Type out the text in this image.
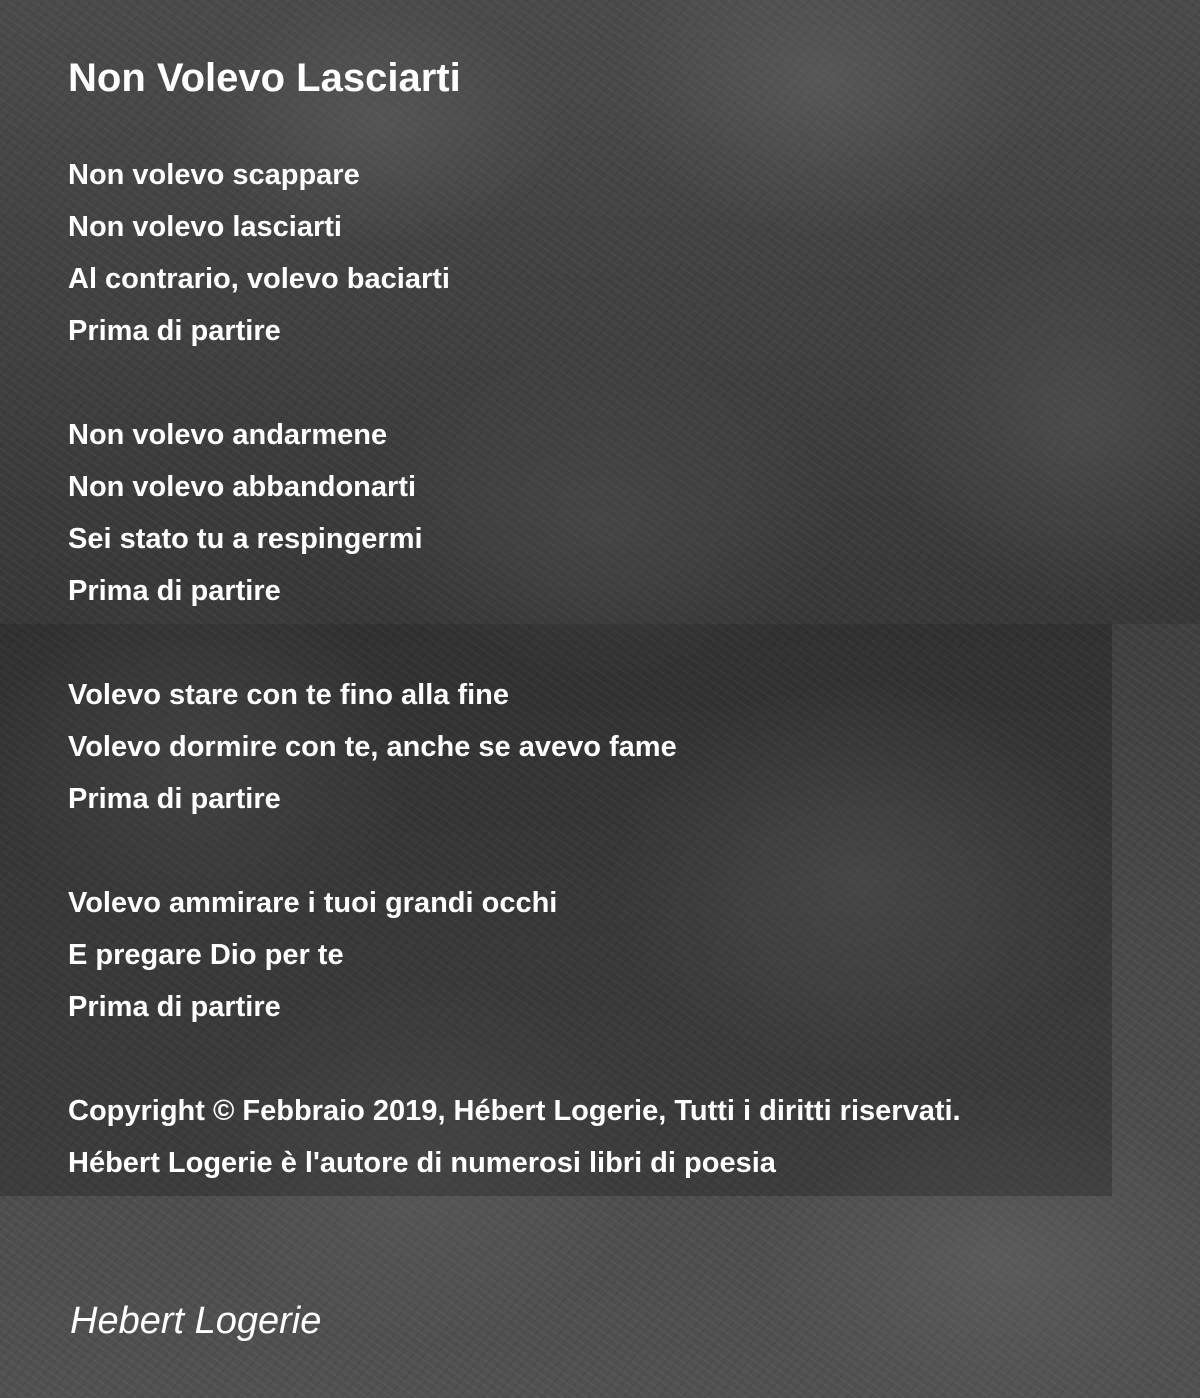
Non Volevo Lasciarti
Non volevo scappare
Non volevo lasciarti
Al contrario, volevo baciarti
Prima di partire
Non volevo andarmene
Non volevo abbandonarti
Sei stato tu a respingermi
Prima di partire
Volevo stare con te fino alla fine
Volevo dormire con te, anche se avevo fame
Prima di partire
Volevo ammirare i tuoi grandi occhi
E pregare Dio per te
Prima di partire
Copyright © Febbraio 2019, Hébert Logerie, Tutti i diritti riservati.
Hébert Logerie è l'autore di numerosi libri di poesia
Hebert Logerie
